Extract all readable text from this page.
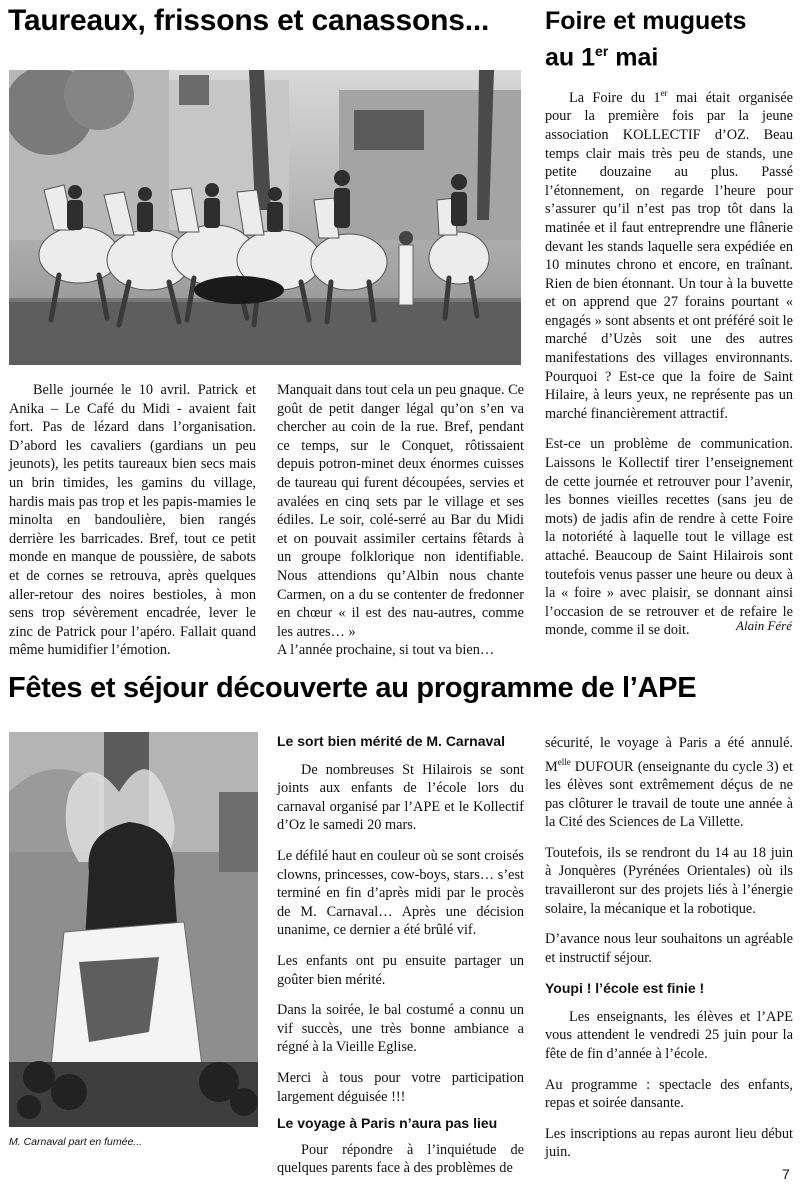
Taureaux, frissons et canassons...

Belle journée le 10 avril. Patrick et Anika – Le Café du Midi - avaient fait fort. Pas de lézard dans l’organisation. D’abord les cavaliers (gardians un peu jeunots), les petits taureaux bien secs mais un brin timides, les gamins du village, hardis mais pas trop et les papis-mamies le minolta en bandoulière, bien rangés derrière les barricades. Bref, tout ce petit monde en manque de poussière, de sabots et de cornes se retrouva, après quelques aller-retour des noires bestioles, à mon sens trop sévèrement encadrée, lever le zinc de Patrick pour l’apéro. Fallait quand même humidifier l’émotion.

Manquait dans tout cela un peu gnaque. Ce goût de petit danger légal qu’on s’en va chercher au coin de la rue. Bref, pendant ce temps, sur le Conquet, rôtissaient depuis potron-minet deux énormes cuisses de taureau qui furent découpées, servies et avalées en cinq sets par le village et ses édiles. Le soir, colé-serré au Bar du Midi et on pouvait assimiler certains fêtards à un groupe folklorique non identifiable. Nous attendions qu’Albin nous chante Carmen, on a du se contenter de fredonner en chœur « il est des nau-autres, comme les autres… »

A l’année prochaine, si tout va bien…

Foire et muguets
au 1er mai

La Foire du 1er mai était organisée pour la première fois par la jeune association KOLLECTIF d’OZ. Beau temps clair mais très peu de stands, une petite douzaine au plus. Passé l’étonnement, on regarde l’heure pour s’assurer qu’il n’est pas trop tôt dans la matinée et il faut entreprendre une flânerie devant les stands laquelle sera expédiée en 10 minutes chrono et encore, en traînant. Rien de bien étonnant. Un tour à la buvette et on apprend que 27 forains pourtant « engagés » sont absents et ont préféré soit le marché d’Uzès soit une des autres manifestations des villages environnants. Pourquoi ? Est-ce que la foire de Saint Hilaire, à leurs yeux, ne représente pas un marché financièrement attractif.

Est-ce un problème de communication. Laissons le Kollectif tirer l’enseignement de cette journée et retrouver pour l’avenir, les bonnes vieilles recettes (sans jeu de mots) de jadis afin de rendre à cette Foire la notoriété à laquelle tout le village est attaché. Beaucoup de Saint Hilairois sont toutefois venus passer une heure ou deux à la « foire » avec plaisir, se donnant ainsi l’occasion de se retrouver et de refaire le monde, comme il se doit.	Alain Féré
Fêtes et séjour découverte au programme de l’APE
M. Carnaval part en fumée...
Le sort bien mérité de M. Carnaval

De nombreuses St Hilairois se sont joints aux enfants de l’école lors du carnaval organisé par l’APE et le Kollectif d’Oz le samedi 20 mars.

Le défilé haut en couleur où se sont croisés clowns, princesses, cow-boys, stars… s’est terminé en fin d’après midi par le procès de M. Carnaval… Après une décision unanime, ce dernier a été brûlé vif.

Les enfants ont pu ensuite partager un goûter bien mérité.

Dans la soirée, le bal costumé a connu un vif succès, une très bonne ambiance a régné à la Vieille Eglise.

Merci à tous pour votre participation largement déguisée !!!

Le voyage à Paris n’aura pas lieu

Pour répondre à l’inquiétude de quelques parents face à des problèmes de

sécurité, le voyage à Paris a été annulé. $M^{elle}$ DUFOUR (enseignante du cycle 3) et les élèves sont extrêmement déçus de ne pas clôturer le travail de toute une année à la Cité des Sciences de La Villette.

Toutefois, ils se rendront du 14 au 18 juin à Jonquères (Pyrénées Orientales) où ils travailleront sur des projets liés à l’énergie solaire, la mécanique et la robotique.

D’avance nous leur souhaitons un agréable et instructif séjour.

Youpi ! l’école est finie !

Les enseignants, les élèves et l’APE vous attendent le vendredi 25 juin pour la fête de fin d’année à l’école.

Au programme : spectacle des enfants, repas et soirée dansante.

Les inscriptions au repas auront lieu début juin.

7
